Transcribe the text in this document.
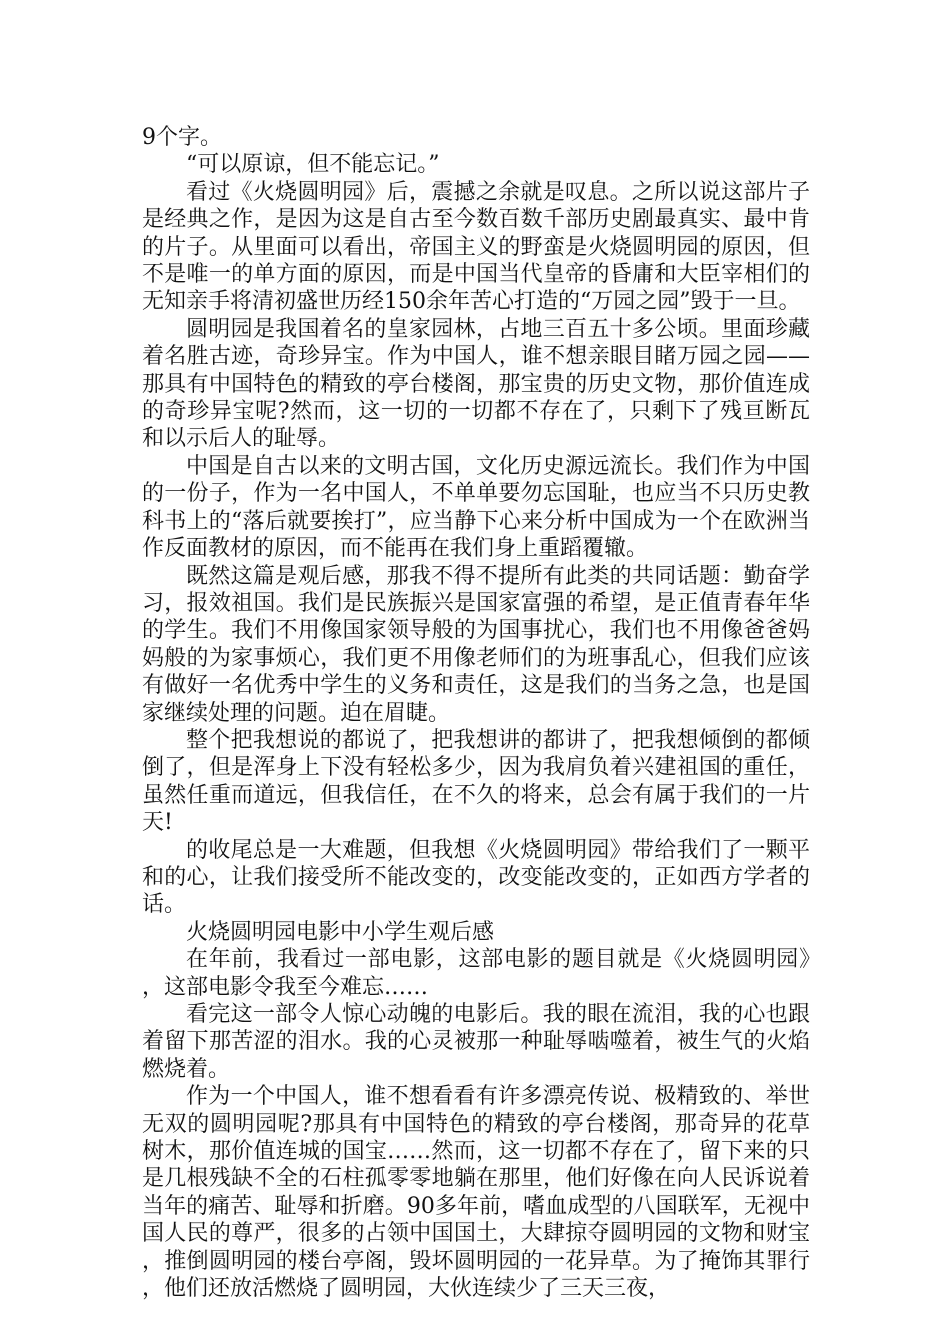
9个字。

“可以原谅，但不能忘记。”

看过《火烧圆明园》后，震撼之余就是叹息。之所以说这部片子是经典之作，是因为这是自古至今数百数千部历史剧最真实、最中肯的片子。从里面可以看出，帝国主义的野蛮是火烧圆明园的原因，但不是唯一的单方面的原因，而是中国当代皇帝的昏庸和大臣宰相们的无知亲手将清初盛世历经150余年苦心打造的“万园之园”毁于一旦。

圆明园是我国着名的皇家园林，占地三百五十多公顷。里面珍藏着名胜古迹，奇珍异宝。作为中国人，谁不想亲眼目睹万园之园——那具有中国特色的精致的亭台楼阁，那宝贵的历史文物，那价值连成的奇珍异宝呢?然而，这一切的一切都不存在了，只剩下了残亘断瓦和以示后人的耻辱。

中国是自古以来的文明古国，文化历史源远流长。我们作为中国的一份子，作为一名中国人，不单单要勿忘国耻，也应当不只历史教科书上的“落后就要挨打”，应当静下心来分析中国成为一个在欧洲当作反面教材的原因，而不能再在我们身上重蹈覆辙。

既然这篇是观后感，那我不得不提所有此类的共同话题：勤奋学习，报效祖国。我们是民族振兴是国家富强的希望，是正值青春年华的学生。我们不用像国家领导般的为国事扰心，我们也不用像爸爸妈妈般的为家事烦心，我们更不用像老师们的为班事乱心，但我们应该有做好一名优秀中学生的义务和责任，这是我们的当务之急，也是国家继续处理的问题。迫在眉睫。

整个把我想说的都说了，把我想讲的都讲了，把我想倾倒的都倾倒了，但是浑身上下没有轻松多少，因为我肩负着兴建祖国的重任，虽然任重而道远，但我信任，在不久的将来，总会有属于我们的一片天!

的收尾总是一大难题，但我想《火烧圆明园》带给我们了一颗平和的心，让我们接受所不能改变的，改变能改变的，正如西方学者的话。

火烧圆明园电影中小学生观后感

在年前，我看过一部电影，这部电影的题目就是《火烧圆明园》，这部电影令我至今难忘……

看完这一部令人惊心动魄的电影后。我的眼在流泪，我的心也跟着留下那苦涩的泪水。我的心灵被那一种耻辱啮噬着，被生气的火焰燃烧着。

作为一个中国人，谁不想看看有许多漂亮传说、极精致的、举世无双的圆明园呢?那具有中国特色的精致的亭台楼阁，那奇异的花草树木，那价值连城的国宝……然而，这一切都不存在了，留下来的只是几根残缺不全的石柱孤零零地躺在那里，他们好像在向人民诉说着当年的痛苦、耻辱和折磨。90多年前，嗜血成型的八国联军，无视中国人民的尊严，很多的占领中国国土，大肆掠夺圆明园的文物和财宝，推倒圆明园的楼台亭阁，毁坏圆明园的一花异草。为了掩饰其罪行，他们还放活燃烧了圆明园，大伙连续少了三天三夜，
